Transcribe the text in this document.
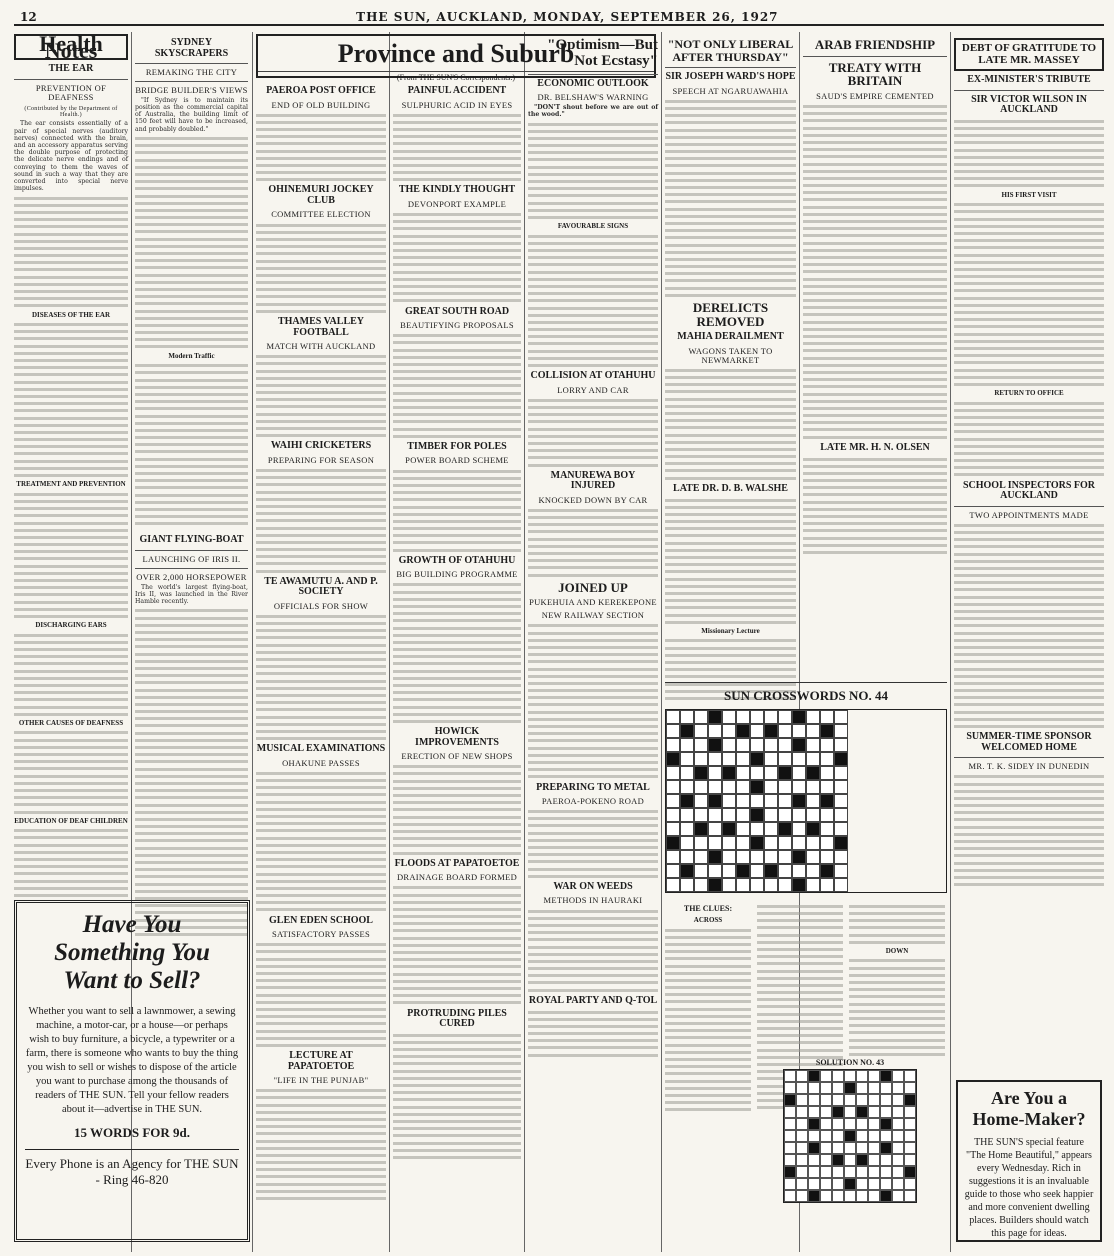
12	THE SUN, AUCKLAND, MONDAY, SEPTEMBER 26, 1927
Health Notes
THE EAR
PREVENTION OF DEAFNESS
(Contributed by the Department of Health.)
The ear consists essentially of a pair of special nerves (auditory nerves) connected with the brain, and an accessory apparatus serving the double purpose of protecting the delicate nerve endings and of conveying to them the waves of sound in such a way that they are converted into special nerve impulses.
DISEASES OF THE EAR
TREATMENT AND PREVENTION
DISCHARGING EARS
OTHER CAUSES OF DEAFNESS
EDUCATION OF DEAF CHILDREN
SYDNEY SKYSCRAPERS
REMAKING THE CITY
BRIDGE BUILDER'S VIEWS
"If Sydney is to maintain its position as the commercial capital of Australia, the building limit of 150 feet will have to be increased, and probably doubled."
Modern Traffic
GIANT FLYING-BOAT
LAUNCHING OF IRIS II.
OVER 2,000 HORSEPOWER
The world's largest flying-boat, Iris II, was launched in the River Hamble recently.
Have You Something You Want to Sell?
Whether you want to sell a lawnmower, a sewing machine, a motor-car, or a house—or perhaps wish to buy furniture, a bicycle, a typewriter or a farm, there is someone who wants to buy the thing you wish to sell or wishes to dispose of the article you want to purchase among the thousands of readers of THE SUN. Tell your fellow readers about it—advertise in THE SUN.
15 WORDS FOR 9d.
Every Phone is an Agency for THE SUN - Ring 46-820
Province and Suburb
(From THE SUN'S Correspondents.)
PAEROA POST OFFICE
END OF OLD BUILDING
OHINEMURI JOCKEY CLUB
COMMITTEE ELECTION
THAMES VALLEY FOOTBALL
MATCH WITH AUCKLAND
WAIHI CRICKETERS
PREPARING FOR SEASON
TE AWAMUTU A. AND P. SOCIETY
OFFICIALS FOR SHOW
MUSICAL EXAMINATIONS
OHAKUNE PASSES
GLEN EDEN SCHOOL
SATISFACTORY PASSES
LECTURE AT PAPATOETOE
"LIFE IN THE PUNJAB"
PAINFUL ACCIDENT
SULPHURIC ACID IN EYES
THE KINDLY THOUGHT
DEVONPORT EXAMPLE
GREAT SOUTH ROAD
BEAUTIFYING PROPOSALS
TIMBER FOR POLES
POWER BOARD SCHEME
GROWTH OF OTAHUHU
BIG BUILDING PROGRAMME
HOWICK IMPROVEMENTS
ERECTION OF NEW SHOPS
FLOODS AT PAPATOETOE
DRAINAGE BOARD FORMED
PROTRUDING PILES CURED
"Optimism—But Not Ecstasy"
ECONOMIC OUTLOOK
DR. BELSHAW'S WARNING
"DON'T shout before we are out of the wood."
FAVOURABLE SIGNS
COLLISION AT OTAHUHU
LORRY AND CAR
MANUREWA BOY INJURED
KNOCKED DOWN BY CAR
JOINED UP
PUKEHUIA AND KEREKEPONE
NEW RAILWAY SECTION
PREPARING TO METAL
PAEROA-POKENO ROAD
WAR ON WEEDS
METHODS IN HAURAKI
ROYAL PARTY AND Q-TOL
"NOT ONLY LIBERAL AFTER THURSDAY"
SIR JOSEPH WARD'S HOPE
SPEECH AT NGARUAWAHIA
DERELICTS REMOVED
MAHIA DERAILMENT
WAGONS TAKEN TO NEWMARKET
LATE DR. D. B. WALSHE
Missionary Lecture
ARAB FRIENDSHIP
TREATY WITH BRITAIN
SAUD'S EMPIRE CEMENTED
LATE MR. H. N. OLSEN
SUN CROSSWORDS NO. 44
THE CLUES:
ACROSS
DOWN
SOLUTION NO. 43
DEBT OF GRATITUDE TO LATE MR. MASSEY
EX-MINISTER'S TRIBUTE
SIR VICTOR WILSON IN AUCKLAND
HIS FIRST VISIT
RETURN TO OFFICE
SCHOOL INSPECTORS FOR AUCKLAND
TWO APPOINTMENTS MADE
SUMMER-TIME SPONSOR WELCOMED HOME
MR. T. K. SIDEY IN DUNEDIN
Are You a Home-Maker?
THE SUN'S special feature "The Home Beautiful," appears every Wednesday. Rich in suggestions it is an invaluable guide to those who seek happier and more convenient dwelling places. Builders should watch this page for ideas.
